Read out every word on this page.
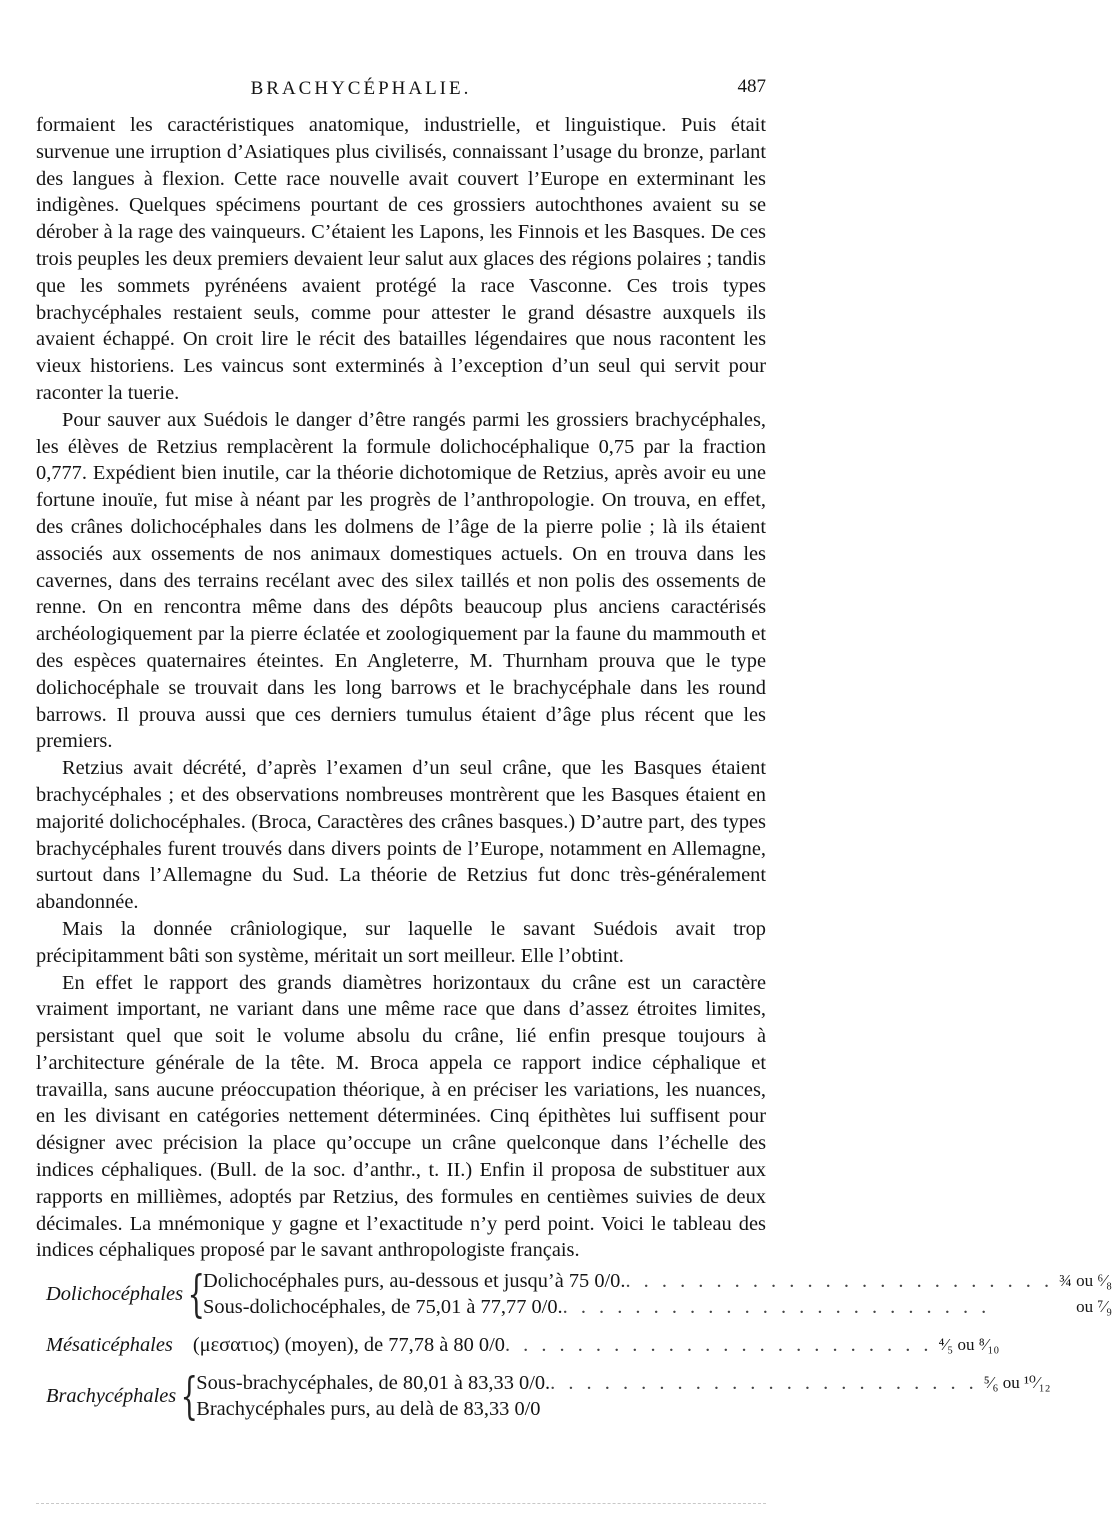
BRACHYCÉPHALIE.	487

formaient les caractéristiques anatomique, industrielle, et linguistique. Puis était survenue une irruption d’Asiatiques plus civilisés, connaissant l’usage du bronze, parlant des langues à flexion. Cette race nouvelle avait couvert l’Europe en exterminant les indigènes. Quelques spécimens pourtant de ces grossiers autochthones avaient su se dérober à la rage des vainqueurs. C’étaient les Lapons, les Finnois et les Basques. De ces trois peuples les deux premiers devaient leur salut aux glaces des régions polaires ; tandis que les sommets pyrénéens avaient protégé la race Vasconne. Ces trois types brachycéphales restaient seuls, comme pour attester le grand désastre auxquels ils avaient échappé. On croit lire le récit des batailles légendaires que nous racontent les vieux historiens. Les vaincus sont exterminés à l’exception d’un seul qui servit pour raconter la tuerie.

Pour sauver aux Suédois le danger d’être rangés parmi les grossiers brachycéphales, les élèves de Retzius remplacèrent la formule dolichocéphalique 0,75 par la fraction 0,777. Expédient bien inutile, car la théorie dichotomique de Retzius, après avoir eu une fortune inouïe, fut mise à néant par les progrès de l’anthropologie. On trouva, en effet, des crânes dolichocéphales dans les dolmens de l’âge de la pierre polie ; là ils étaient associés aux ossements de nos animaux domestiques actuels. On en trouva dans les cavernes, dans des terrains recélant avec des silex taillés et non polis des ossements de renne. On en rencontra même dans des dépôts beaucoup plus anciens caractérisés archéologiquement par la pierre éclatée et zoologiquement par la faune du mammouth et des espèces quaternaires éteintes. En Angleterre, M. Thurnham prouva que le type dolichocéphale se trouvait dans les long barrows et le brachycéphale dans les round barrows. Il prouva aussi que ces derniers tumulus étaient d’âge plus récent que les premiers.

Retzius avait décrété, d’après l’examen d’un seul crâne, que les Basques étaient brachycéphales ; et des observations nombreuses montrèrent que les Basques étaient en majorité dolichocéphales. (Broca, Caractères des crânes basques.) D’autre part, des types brachycéphales furent trouvés dans divers points de l’Europe, notamment en Allemagne, surtout dans l’Allemagne du Sud. La théorie de Retzius fut donc très-généralement abandonnée.

Mais la donnée crâniologique, sur laquelle le savant Suédois avait trop précipitamment bâti son système, méritait un sort meilleur. Elle l’obtint.

En effet le rapport des grands diamètres horizontaux du crâne est un caractère vraiment important, ne variant dans une même race que dans d’assez étroites limites, persistant quel que soit le volume absolu du crâne, lié enfin presque toujours à l’architecture générale de la tête. M. Broca appela ce rapport indice céphalique et travailla, sans aucune préoccupation théorique, à en préciser les variations, les nuances, en les divisant en catégories nettement déterminées. Cinq épithètes lui suffisent pour désigner avec précision la place qu’occupe un crâne quelconque dans l’échelle des indices céphaliques. (Bull. de la soc. d’anthr., t. II.) Enfin il proposa de substituer aux rapports en millièmes, adoptés par Retzius, des formules en centièmes suivies de deux décimales. La mnémonique y gagne et l’exactitude n’y perd point. Voici le tableau des indices céphaliques proposé par le savant anthropologiste français.

Dolichocéphales {
Dolichocéphales purs, au-dessous et jusqu’à 75 0/0. . . . . . . . . . . . . . . . . . . . . . . . . ¾ ou ⁶⁄₈
Sous-dolichocéphales, de 75,01 à 77,77 0/0. . . . . . . . . . . . . . . . . . . . . . . . .	ou ⁷⁄₉
Mésaticéphales (μεσατιος) (moyen), de 77,78 à 80 0/0 . . . . . . . . . . . . . . . . . . . . . . . . ⁴⁄₅ ou ⁸⁄₁₀
Brachycéphales {
Sous-brachycéphales, de 80,01 à 83,33 0/0. . . . . . . . . . . . . . . . . . . . . . . . . ⁵⁄₆ ou ¹⁰⁄₁₂
Brachycéphales purs, au delà de 83,33 0/0
